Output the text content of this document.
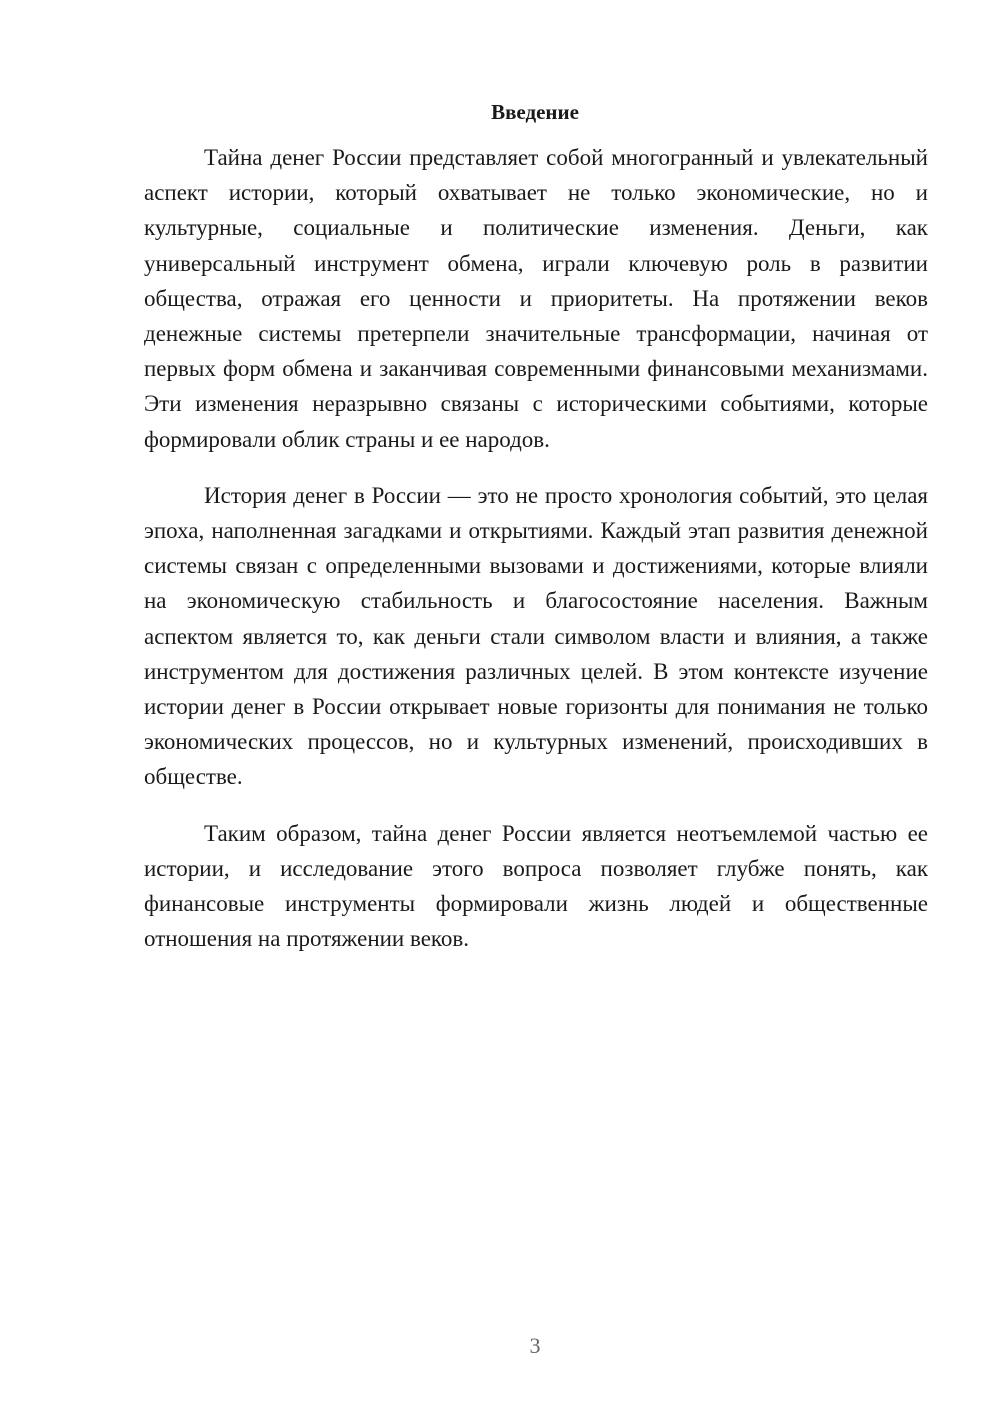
Введение

Тайна денег России представляет собой многогранный и увлекательный аспект истории, который охватывает не только экономические, но и культурные, социальные и политические изменения. Деньги, как универсальный инструмент обмена, играли ключевую роль в развитии общества, отражая его ценности и приоритеты. На протяжении веков денежные системы претерпели значительные трансформации, начиная от первых форм обмена и заканчивая современными финансовыми механизмами. Эти изменения неразрывно связаны с историческими событиями, которые формировали облик страны и ее народов.

История денег в России — это не просто хронология событий, это целая эпоха, наполненная загадками и открытиями. Каждый этап развития денежной системы связан с определенными вызовами и достижениями, которые влияли на экономическую стабильность и благосостояние населения. Важным аспектом является то, как деньги стали символом власти и влияния, а также инструментом для достижения различных целей. В этом контексте изучение истории денег в России открывает новые горизонты для понимания не только экономических процессов, но и культурных изменений, происходивших в обществе.

Таким образом, тайна денег России является неотъемлемой частью ее истории, и исследование этого вопроса позволяет глубже понять, как финансовые инструменты формировали жизнь людей и общественные отношения на протяжении веков.

3
